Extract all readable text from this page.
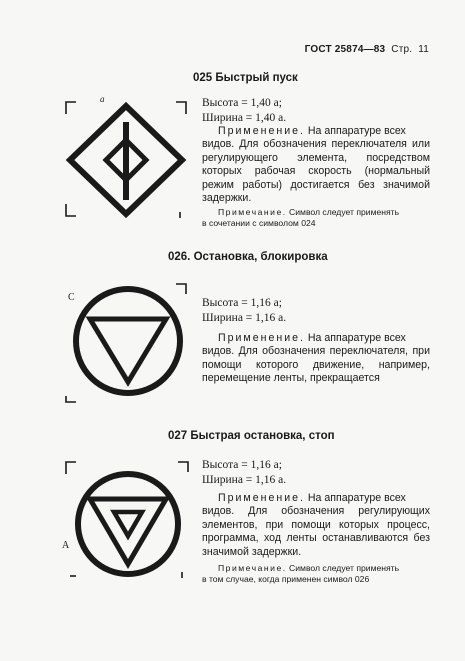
ГОСТ 25874—83 Стр. 11
025 Быстрый пуск
a	Высота = 1,40 a;
Ширина = 1,40 a.
Применение. На аппаратуре всех
видов. Для обозначения переключателя или регулирующего элемента, посредством которых рабочая скорость (нормальный режим работы) достигается без значимой задержки.
Примечание. Символ следует применять
в сочетании с символом 024
026. Остановка, блокировка
C	Высота = 1,16 a;
Ширина = 1,16 a.
Применение. На аппаратуре всех
видов. Для обозначения переключателя, при помощи которого движение, например, перемещение ленты, прекращается
027 Быстрая остановка, стоп
A
Высота = 1,16 a;
Ширина = 1,16 a.
Применение. На аппаратуре всех
видов. Для обозначения регулирующих элементов, при помощи которых процесс, программа, ход ленты останавливаются без значимой задержки.
Примечание. Символ следует применять
в том случае, когда применен символ 026
